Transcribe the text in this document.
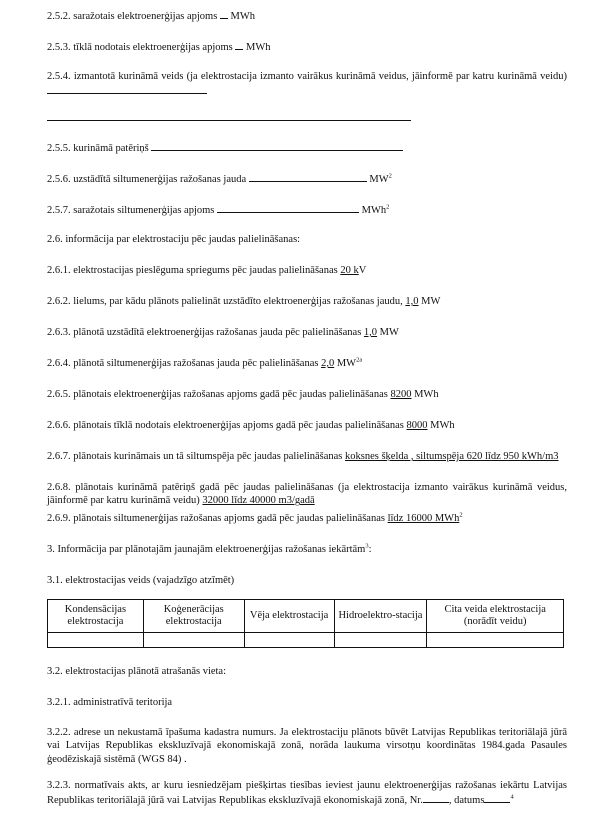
2.5.2. saražotais elektroenerģijas apjoms MWh
2.5.3. tīklā nodotais elektroenerģijas apjoms MWh
2.5.4. izmantotā kurināmā veids (ja elektrostacija izmanto vairākus kurināmā veidus, jāinformē par katru kurināmā veidu)
2.5.5. kurināmā patēriņš
2.5.6. uzstādītā siltumenerģijas ražošanas jauda	$MW^2$
2.5.7. saražotais siltumenerģijas apjoms	MWh$^2$
2.6. informācija par elektrostaciju pēc jaudas palielināšanas:
2.6.1. elektrostacijas pieslēguma spriegums pēc jaudas palielināšanas 20 kV
2.6.2. lielums, par kādu plānots palielināt uzstādīto elektroenerģijas ražošanas jaudu, 1,0 MW
2.6.3. plānotā uzstādītā elektroenerģijas ražošanas jauda pēc palielināšanas 1,0 MW
2.6.4. plānotā siltumenerģijas ražošanas jauda pēc palielināšanas 2,0 $MW^{2a}$
2.6.5. plānotais elektroenerģijas ražošanas apjoms gadā pēc jaudas palielināšanas 8200 MWh
2.6.6. plānotais tīklā nodotais elektroenerģijas apjoms gadā pēc jaudas palielināšanas 8000 MWh
2.6.7. plānotais kurināmais un tā siltumspēja pēc jaudas palielināšanas koksnes šķelda , siltumspēja 620 līdz 950 kWh/m3
2.6.8. plānotais kurināmā patēriņš gadā pēc jaudas palielināšanas (ja elektrostacija izmanto vairākus kurināmā veidus, jāinformē par katru kurināmā veidu) 32000 līdz 40000 m3/gadā
2.6.9. plānotais siltumenerģijas ražošanas apjoms gadā pēc jaudas palielināšanas līdz 16000 MWh$^2$
3. Informācija par plānotajām jaunajām elektroenerģijas ražošanas iekārtām$^3$:
3.1. elektrostacijas veids (vajadzīgo atzīmēt)
Kondensācijas elektrostacija	Koģenerācijas elektrostacija	Vēja elektrostacija	Hidroelektro-stacija	Cita veida elektrostacija (norādīt veidu)

3.2. elektrostacijas plānotā atrašanās vieta:
3.2.1. administratīvā teritorija
3.2.2. adrese un nekustamā īpašuma kadastra numurs. Ja elektrostaciju plānots būvēt Latvijas Republikas teritoriālajā jūrā vai Latvijas Republikas ekskluzīvajā ekonomiskajā zonā, norāda laukuma virsotņu koordinātas 1984.gada Pasaules ģeodēziskajā sistēmā (WGS 84) .
3.2.3. normatīvais akts, ar kuru iesniedzējam piešķirtas tiesības ieviest jaunu elektroenerģijas ražošanas iekārtu Latvijas Republikas teritoriālajā jūrā vai Latvijas Republikas ekskluzīvajā ekonomiskajā zonā, Nr. , datums	$^4$
